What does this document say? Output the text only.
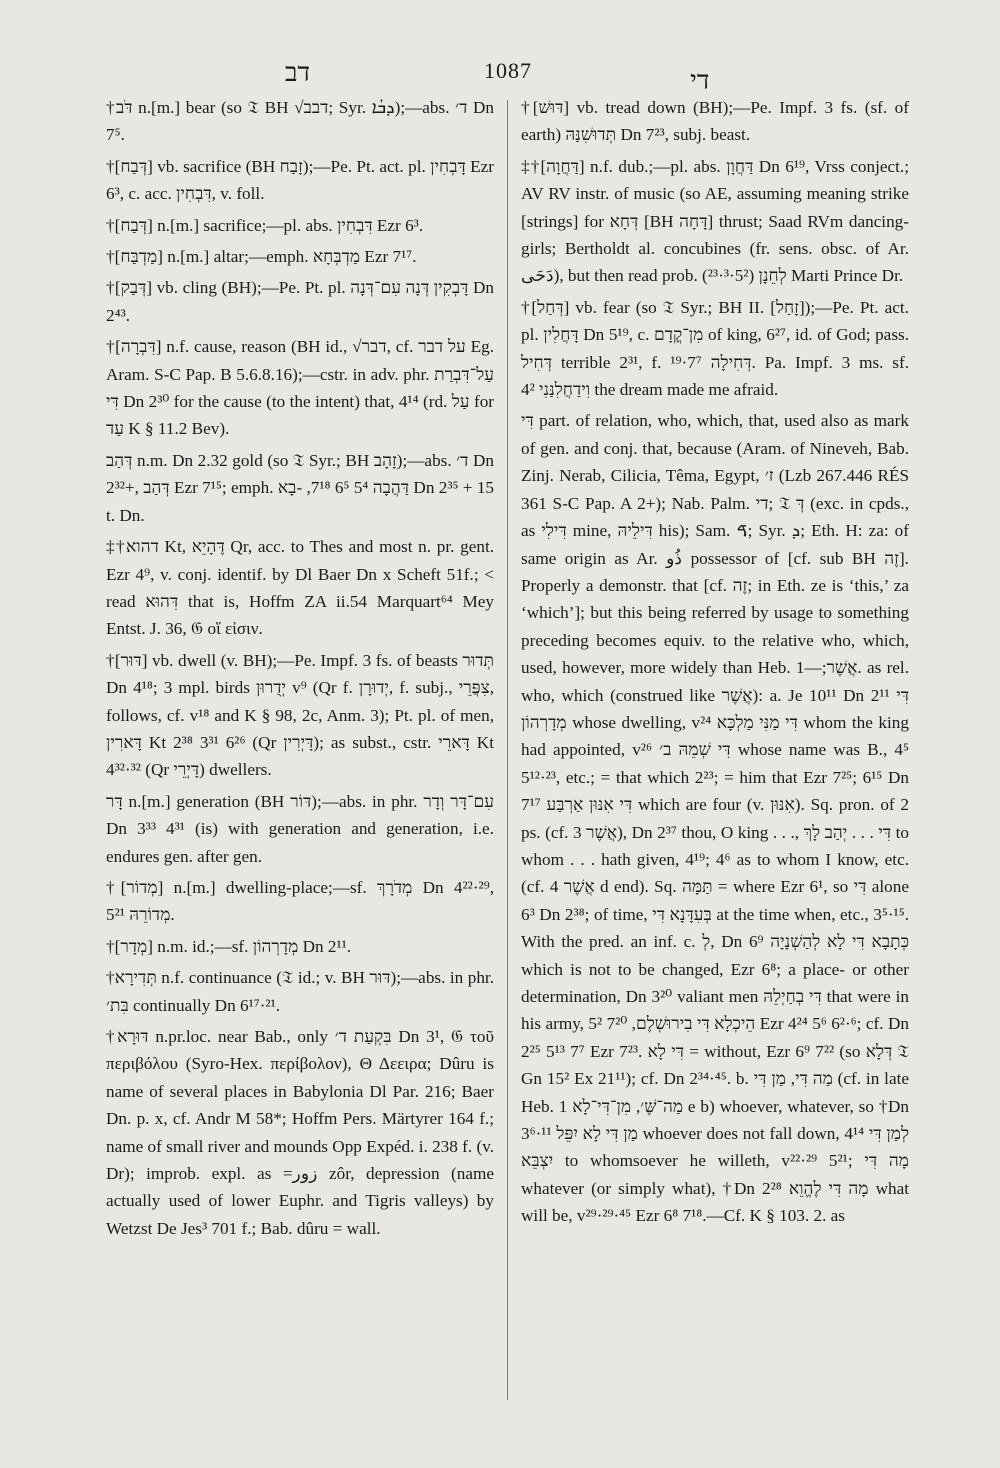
דב	1087	די

†דֹּב n.[m.] bear (so 𝔗 BH √דבב; Syr. ܕܒܳܐ);—abs. ד׳ Dn 7⁵.

†[דְּבַח] vb. sacrifice (BH זָבַח);—Pe. Pt. act. pl. דָּבְחִין Ezr 6³, c. acc. דִּבְחִין, v. foll.

†[דְּבַח] n.[m.] sacrifice;—pl. abs. דִּבְחִין Ezr 6³.

†[מַדְבַּח] n.[m.] altar;—emph. מַדְבְּחָא Ezr 7¹⁷.

†[דְּבַק] vb. cling (BH);—Pe. Pt. pl. דָּבְקִין דְּנָה עִם־דְּנָה Dn 2⁴³.

†[דִּבְרָה] n.f. cause, reason (BH id., √דבר, cf. על דבר Eg. Aram. S-C Pap. B 5.6.8.16);—cstr. in adv. phr. עַל־דִּבְרַת דִּי Dn 2³⁰ for the cause (to the intent) that, 4¹⁴ (rd. עַל for עַד K § 11.2 Bev).

דְּהַב n.m. Dn 2.32 gold (so 𝔗 Syr.; BH זָהָב);—abs. ד׳ Dn 2³²+, דְּהַב Ezr 7¹⁵; emph. דַּהֲבָה 5⁴ 6⁵ 7¹⁸, -בָא Dn 2³⁵ + 15 t. Dn.

‡†דהוא Kt, דֶּהָיֵא Qr, acc. to Thes and most n. pr. gent. Ezr 4⁹, v. conj. identif. by Dl Baer Dn x Scheft 51f.; < read דִּהוּא that is, Hoffm ZA ii.54 Marquart⁶⁴ Mey Entst. J. 36, 𝔊 οἵ εἰσιν.

†[דּוּר] vb. dwell (v. BH);—Pe. Impf. 3 fs. of beasts תְּדוּר Dn 4¹⁸; 3 mpl. birds יְדֻרוּן v⁹ (Qr f. יְדוּרָן, f. subj., צִפֲּרֵי, follows, cf. v¹⁸ and K § 98, 2c, Anm. 3); Pt. pl. of men, דָּארִין Kt 2³⁸ 3³¹ 6²⁶ (Qr דָּיְרִין); as subst., cstr. דָּארֵי Kt 4³²·³² (Qr דָּיְרֵי) dwellers.

דָּר n.[m.] generation (BH דּוֹר);—abs. in phr. עִם־דָּר וְדָר Dn 3³³ 4³¹ (is) with generation and generation, i.e. endures gen. after gen.

†[מְדוֹר] n.[m.] dwelling-place;—sf. מְדֹרָךְ Dn 4²²·²⁹, מְדוֹרֵהּ 5²¹.

†[מְדָר] n.m. id.;—sf. מְדָרְהוֹן Dn 2¹¹.

†תְּדִירָא n.f. continuance (𝔗 id.; v. BH דּוּר);—abs. in phr. בִּת׳ continually Dn 6¹⁷·²¹.

†דּוּרָא n.pr.loc. near Bab., only בִּקְעַת ד׳ Dn 3¹, 𝔊 τοῦ περιβόλου (Syro-Hex. περίβολον), Θ Δεειρα; Dûru is name of several places in Babylonia Dl Par. 216; Baer Dn. p. x, cf. Andr M 58*; Hoffm Pers. Märtyrer 164 f.; name of small river and mounds Opp Expéd. i. 238 f. (v. Dr); improb. expl. as =زور zôr, depression (name actually used of lower Euphr. and Tigris valleys) by Wetzst De Jes³ 701 f.; Bab. dûru = wall.

†[דּוּשׁ] vb. tread down (BH);—Pe. Impf. 3 fs. (sf. of earth) תְּדוּשִׁנַּהּ Dn 7²³, subj. beast.

‡†[דַּחֲוָה] n.f. dub.;—pl. abs. דַּחֲוָן Dn 6¹⁹, Vrss conject.; AV RV instr. of music (so AE, assuming meaning strike [strings] for דְּחָא [BH דָּחָה] thrust; Saad RVm dancing-girls; Bertholdt al. concubines (fr. sens. obsc. of Ar. دَحَى), but then read prob. לְחֵנָן (5²·³·²³) Marti Prince Dr.

†[דְּחַל] vb. fear (so 𝔗 Syr.; BH II. [זָחַל]);—Pe. Pt. act. pl. דָּחֲלִין Dn 5¹⁹, c. מִן־קֳדָם of king, 6²⁷, id. of God; pass. דְּחִיל terrible 2³¹, f. דְּחִילָה 7⁷·¹⁹. Pa. Impf. 3 ms. sf. וִידַחֲלִנַּנִי 4² the dream made me afraid.

דִּי part. of relation, who, which, that, used also as mark of gen. and conj. that, because (Aram. of Nineveh, Bab. Zinj. Nerab, Cilicia, Têma, Egypt, ז׳ (Lzb 267.446 RÉS 361 S-C Pap. A 2+); Nab. Palm. די; 𝔗 דְּ (exc. in cpds., as דִּילִי mine, דִּילֵיהּ his); Sam. ࠃ; Syr. ܕ; Eth. H: za: of same origin as Ar. ذُو possessor of [cf. sub BH זֶה]. Properly a demonstr. that [cf. זֶה; in Eth. ze is ‘this,’ za ‘which’]; but this being referred by usage to something preceding becomes equiv. to the relative who, which, used, however, more widely than Heb. אֲשֶׁר;—1. as rel. who, which (construed like אֲשֶׁר): a. Je 10¹¹ Dn 2¹¹ דִּי מְדָרְהוֹן whose dwelling, v²⁴ דִּי מַנִּי מַלְכָּא whom the king had appointed, v²⁶ דִּי שְׁמֵהּ ב׳ whose name was B., 4⁵ 5¹²·²³, etc.; = that which 2²³; = him that Ezr 7²⁵; 6¹⁵ Dn 7¹⁷ דִּי אִנּוּן אַרְבַּע which are four (v. אִנּוּן). Sq. pron. of 2 ps. (cf. אֲשֶׁר 3), Dn 2³⁷ thou, O king . . ., דִּי . . . יְהַב לָךְ to whom . . . hath given, 4¹⁹; 4⁶ as to whom I know, etc. (cf. אֲשֶׁר 4 d end). Sq. תַּמָּה = where Ezr 6¹, so דִּי alone 6³ Dn 2³⁸; of time, בְּעִדָּנָא דִּי at the time when, etc., 3⁵·¹⁵. With the pred. an inf. c. לְ, Dn 6⁹ כְּתָבָא דִּי לָא לְהַשְׁנָיָה which is not to be changed, Ezr 6⁸; a place- or other determination, Dn 3²⁰ valiant men דִּי בְחַיְלֵהּ that were in his army, 5² הֵיכְלָא דִּי בִירוּשְׁלֶם, 7²⁰ Ezr 4²⁴ 5⁶ 6²·⁶; cf. Dn 2²⁵ 5¹³ 7⁷ Ezr 7²³. דִּי לָא = without, Ezr 6⁹ 7²² (so דְּלָא 𝔗 Gn 15² Ex 21¹¹); cf. Dn 2³⁴·⁴⁵. b. מַה דִּי, מַן דִּי (cf. in late Heb. מַה־שֶּׁ׳, מִן־דִּי־לָא 1 e b) whoever, whatever, so †Dn 3⁶·¹¹ מַן דִּי לָא יִפֵּל whoever does not fall down, 4¹⁴ לְמַן דִּי יִצְבֵּא to whomsoever he willeth, v²²·²⁹ 5²¹; מָה דִּי whatever (or simply what), †Dn 2²⁸ מָה דִּי לֶהֱוֵא what will be, v²⁹·²⁹·⁴⁵ Ezr 6⁸ 7¹⁸.—Cf. K § 103. 2. as
